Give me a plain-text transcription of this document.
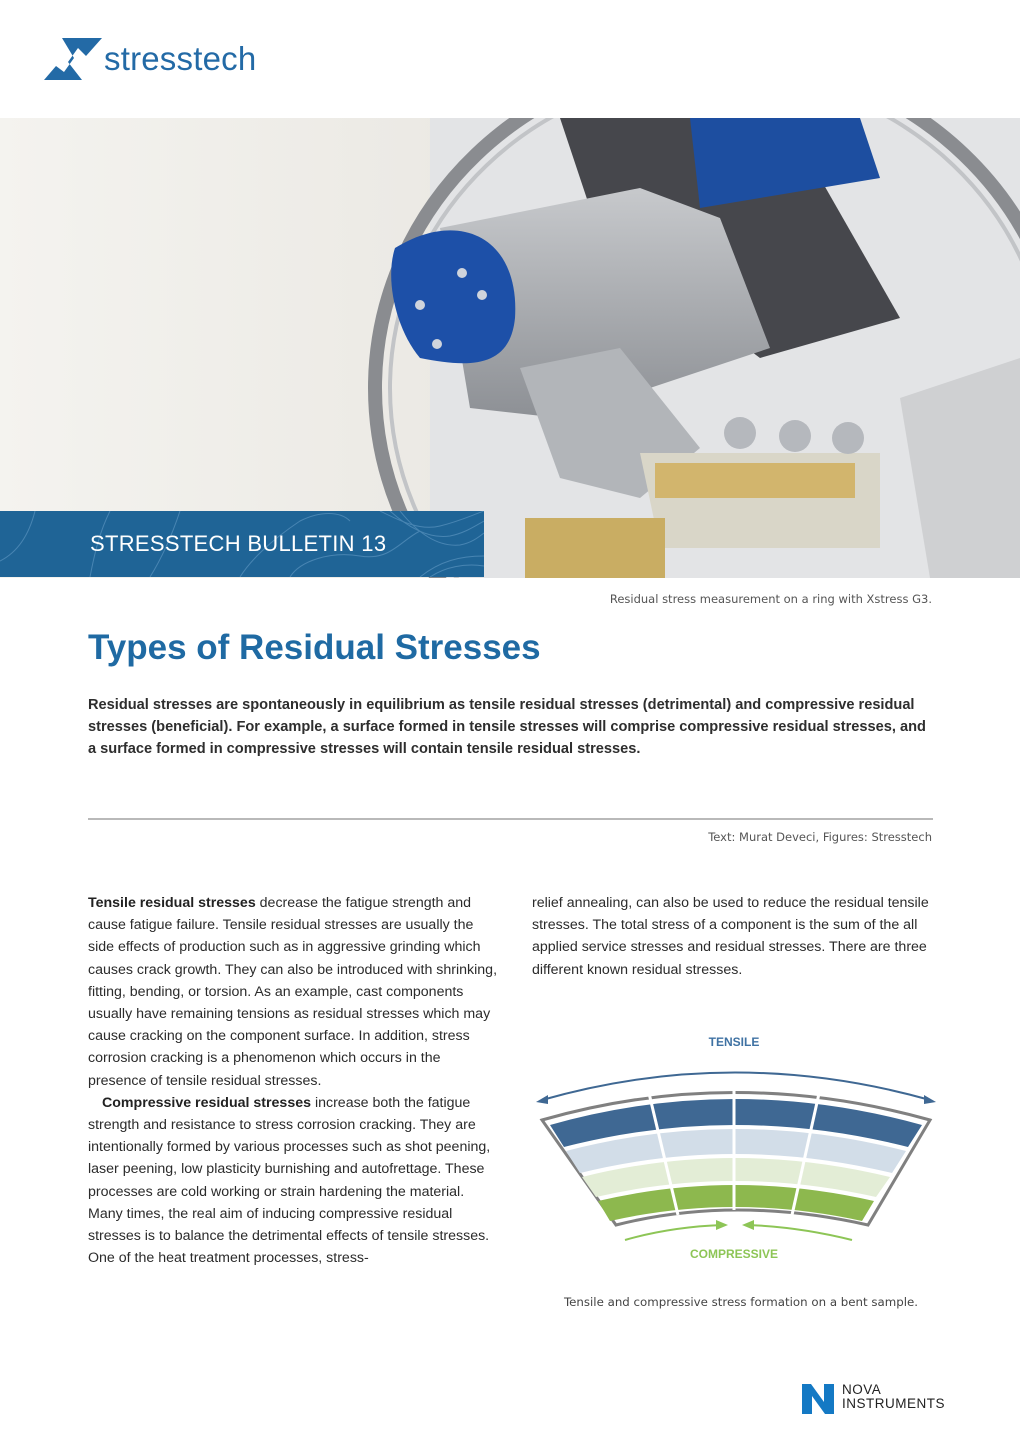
stresstech
STRESSTECH BULLETIN 13
Residual stress measurement on a ring with Xstress G3.
Types of Residual Stresses
Residual stresses are spontaneously in equilibrium as tensile residual stresses (detrimental) and compressive residual stresses (beneficial). For example, a surface formed in tensile stresses will comprise compressive residual stresses, and a surface formed in compressive stresses will contain tensile residual stresses.
Text: Murat Deveci, Figures: Stresstech

Tensile residual stresses decrease the fatigue strength and cause fatigue failure. Tensile residual stresses are usually the side effects of production such as in aggressive grinding which causes crack growth. They can also be introduced with shrinking, fitting, bending, or torsion. As an example, cast components usually have remaining tensions as residual stresses which may cause cracking on the component surface. In addition, stress corrosion cracking is a phenomenon which occurs in the presence of tensile residual stresses.

Compressive residual stresses increase both the fatigue strength and resistance to stress corrosion cracking. They are intentionally formed by various processes such as shot peening, laser peening, low plasticity burnishing and autofrettage. These processes are cold working or strain hardening the material. Many times, the real aim of inducing compressive residual stresses is to balance the detrimental effects of tensile stresses. One of the heat treatment processes, stress-

relief annealing, can also be used to reduce the residual tensile stresses. The total stress of a component is the sum of the all applied service stresses and residual stresses. There are three different known residual stresses.

TENSILE
COMPRESSIVE
Tensile and compressive stress formation on a bent sample.
NOVA
INSTRUMENTS
